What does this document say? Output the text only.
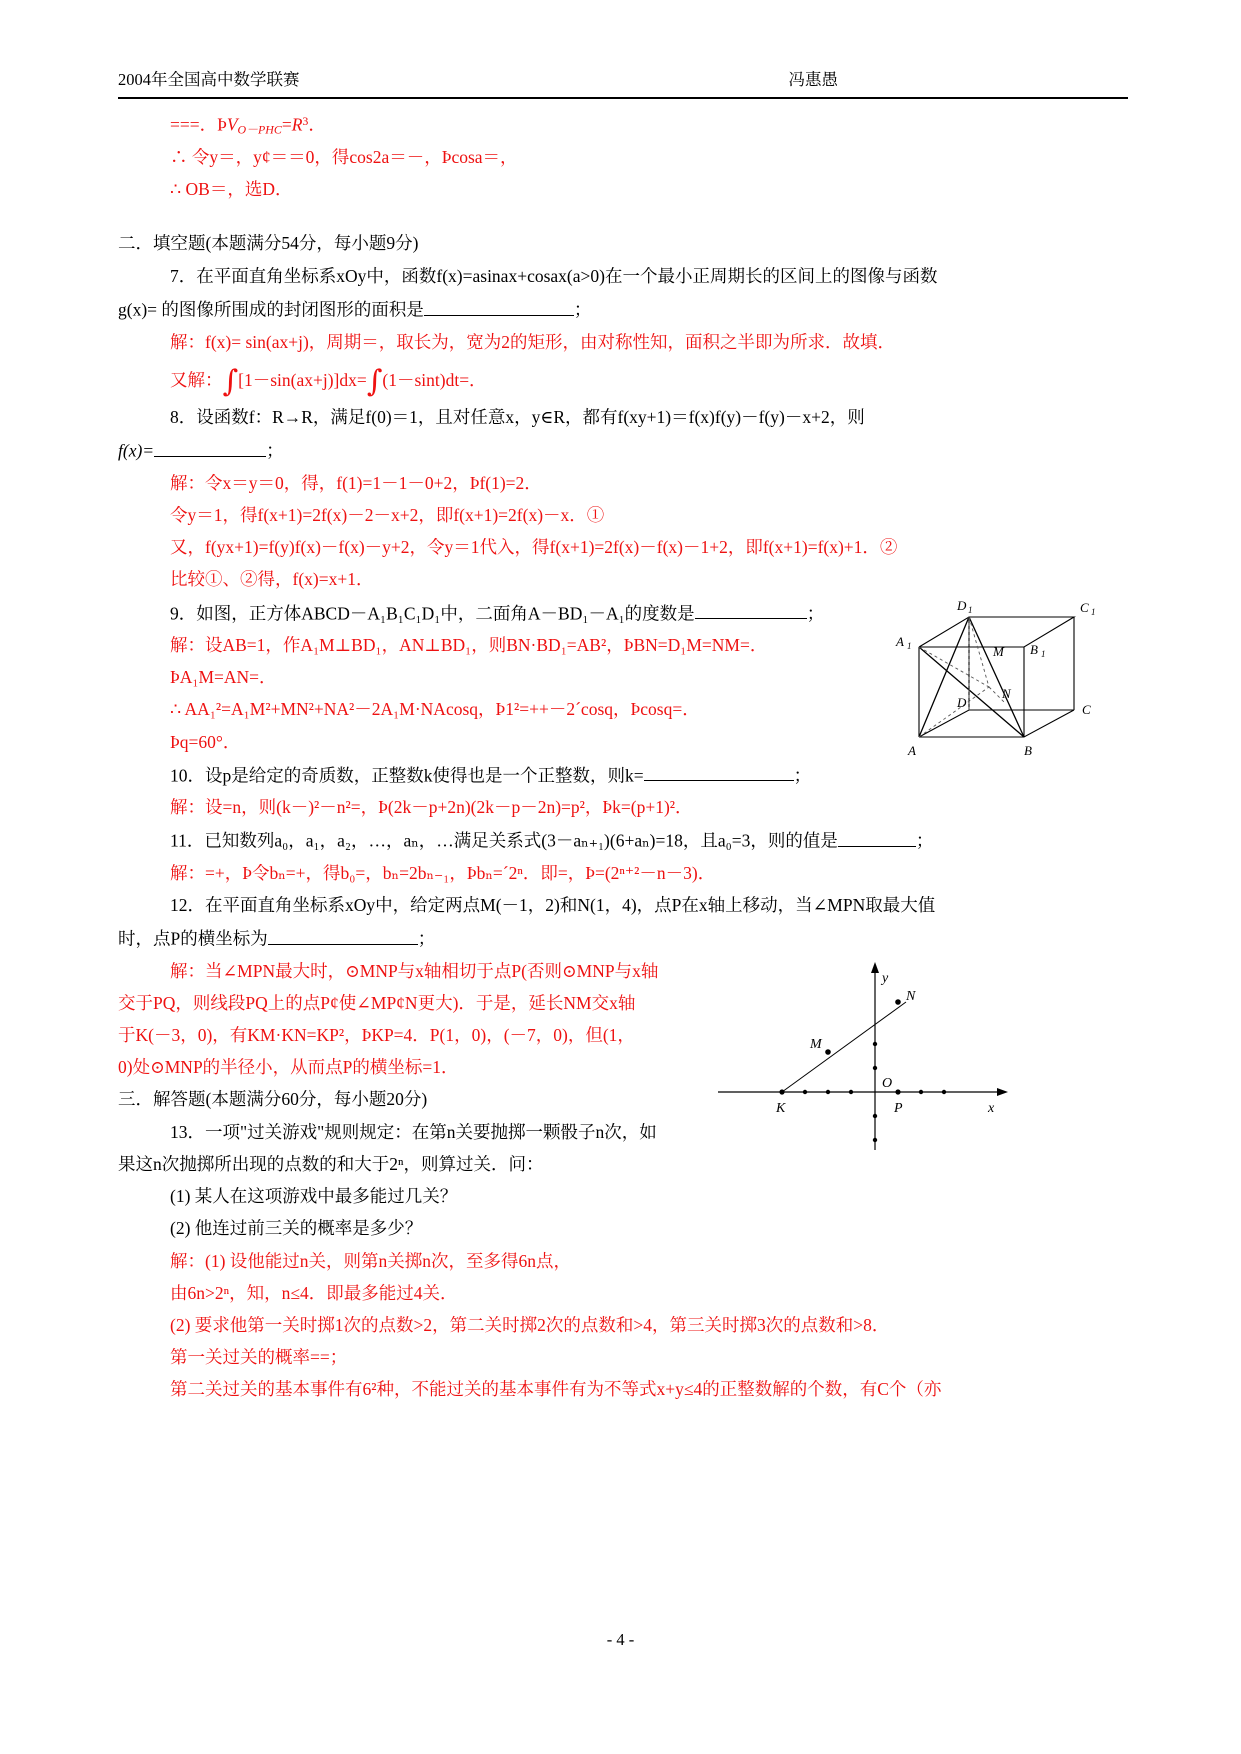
2004年全国高中数学联赛	冯惠愚
===．$ÞV_{O-PHC}=R^3$．
∴ 令y＝，y¢＝＝0，得cos2a＝－，Þcosa＝，
∴ OB＝，选D．
二．填空题(本题满分54分，每小题9分)
7．在平面直角坐标系xOy中，函数f(x)=asinax+cosax(a>0)在一个最小正周期长的区间上的图像与函数
g(x)= 的图像所围成的封闭图形的面积是	；
解：f(x)= sin(ax+j)，周期＝，取长为，宽为2的矩形，由对称性知，面积之半即为所求．故填．
又解：∫[1－sin(ax+j)]dx=∫(1－sint)dt=．
8．设函数f：R→R，满足f(0)＝1，且对任意x，y∈R，都有f(xy+1)＝f(x)f(y)－f(y)－x+2，则
f(x)=	；
解：令x＝y＝0，得，f(1)=1－1－0+2，Þf(1)=2．
令y＝1，得f(x+1)=2f(x)－2－x+2，即f(x+1)=2f(x)－x．①
又，f(yx+1)=f(y)f(x)－f(x)－y+2，令y＝1代入，得f(x+1)=2f(x)－f(x)－1+2，即f(x+1)=f(x)+1．②
比较①、②得，f(x)=x+1．
9．如图，正方体ABCD－A₁B₁C₁D₁中，二面角A－BD₁－A₁的度数是	；
解：设AB=1，作A₁M⊥BD₁，AN⊥BD₁，则BN·BD₁=AB²，ÞBN=D₁M=NM=．
ÞA₁M=AN=．
∴ AA₁²=A₁M²+MN²+NA²－2A₁M·NAcosq，Þ1²=++－2´cosq，Þcosq=．
Þq=60°．
10．设p是给定的奇质数，正整数k使得也是一个正整数，则k=	；
解：设=n，则(k－)²－n²=，Þ(2k－p+2n)(2k－p－2n)=p²，Þk=(p+1)²．
11．已知数列a₀，a₁，a₂，…，aₙ，…满足关系式(3－aₙ₊₁)(6+aₙ)=18，且a₀=3，则的值是	；
解：=+，Þ令bₙ=+，得b₀=，bₙ=2bₙ₋₁，Þbₙ=´2ⁿ．即=，Þ=(2ⁿ⁺²－n－3)．
12．在平面直角坐标系xOy中，给定两点M(－1，2)和N(1，4)，点P在x轴上移动，当∠MPN取最大值
时，点P的横坐标为	；
解：当∠MPN最大时，⊙MNP与x轴相切于点P(否则⊙MNP与x轴
交于PQ，则线段PQ上的点P¢使∠MP¢N更大)．于是，延长NM交x轴
于K(－3，0)，有KM·KN=KP²，ÞKP=4．P(1，0)，(－7，0)，但(1，
0)处⊙MNP的半径小，从而点P的横坐标=1．
三．解答题(本题满分60分，每小题20分)
13．一项"过关游戏"规则规定：在第n关要抛掷一颗骰子n次，如
果这n次抛掷所出现的点数的和大于2ⁿ，则算过关．问：
(1) 某人在这项游戏中最多能过几关？
(2) 他连过前三关的概率是多少？
解：(1) 设他能过n关，则第n关掷n次，至多得6n点，
由6n>2ⁿ，知，n≤4．即最多能过4关．
(2) 要求他第一关时掷1次的点数>2，第二关时掷2次的点数和>4，第三关时掷3次的点数和>8．
第一关过关的概率==；
第二关过关的基本事件有6²种，不能过关的基本事件有为不等式x+y≤4的正整数解的个数，有C个（亦
D 1	C 1
A 1	B 1
M
N
D	C
A	B
y
N
M
O
P	x
K
- 4 -
